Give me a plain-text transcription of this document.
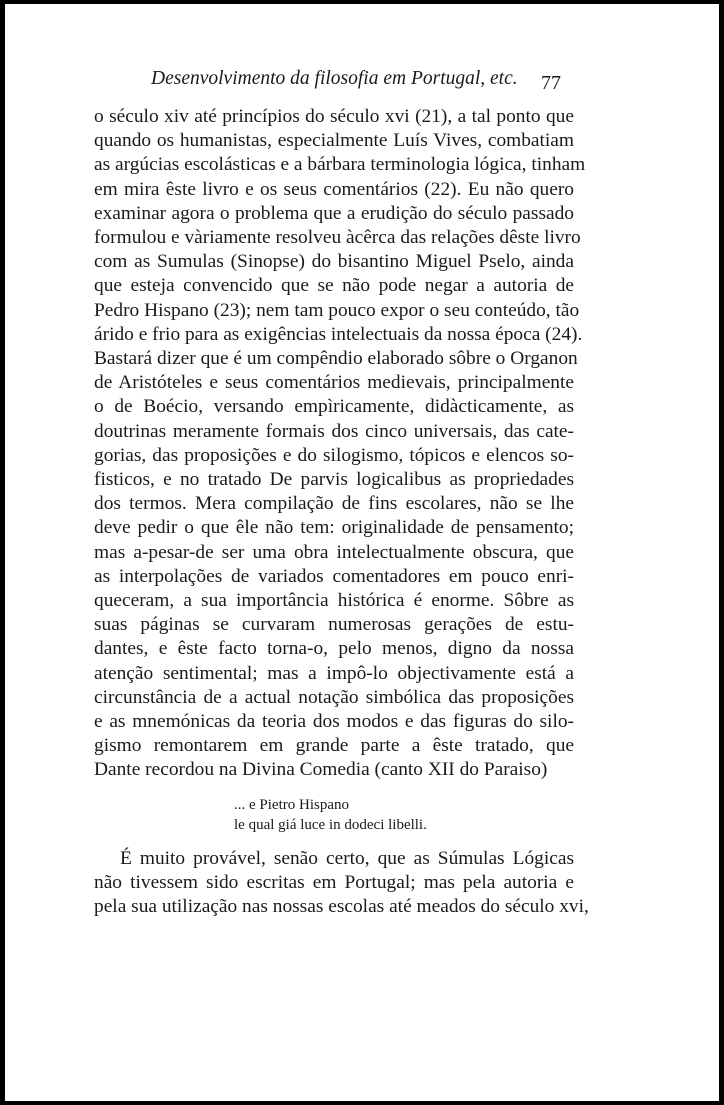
Desenvolvimento da filosofia em Portugal, etc.	77
o século xiv até princípios do século xvi (21), a tal ponto que
quando os humanistas, especialmente Luís Vives, combatiam
as argúcias escolásticas e a bárbara terminologia lógica, tinham
em mira êste livro e os seus comentários (22). Eu não quero
examinar agora o problema que a erudição do século passado
formulou e vàriamente resolveu àcêrca das relações dêste livro
com as Sumulas (Sinopse) do bisantino Miguel Pselo, ainda
que esteja convencido que se não pode negar a autoria de
Pedro Hispano (23); nem tam pouco expor o seu conteúdo, tão
árido e frio para as exigências intelectuais da nossa época (24).
Bastará dizer que é um compêndio elaborado sôbre o Organon
de Aristóteles e seus comentários medievais, principalmente
o de Boécio, versando empìricamente, didàcticamente, as
doutrinas meramente formais dos cinco universais, das cate-
gorias, das proposições e do silogismo, tópicos e elencos so-
fisticos, e no tratado De parvis logicalibus as propriedades
dos termos. Mera compilação de fins escolares, não se lhe
deve pedir o que êle não tem: originalidade de pensamento;
mas a-pesar-de ser uma obra intelectualmente obscura, que
as interpolações de variados comentadores em pouco enri-
queceram, a sua importância histórica é enorme. Sôbre as
suas páginas se curvaram numerosas gerações de estu-
dantes, e êste facto torna-o, pelo menos, digno da nossa
atenção sentimental; mas a impô-lo objectivamente está a
circunstância de a actual notação simbólica das proposições
e as mnemónicas da teoria dos modos e das figuras do silo-
gismo remontarem em grande parte a êste tratado, que
Dante recordou na Divina Comedia (canto XII do Paraiso)
... e Pietro Hispano
le qual giá luce in dodeci libelli.
É muito provável, senão certo, que as Súmulas Lógicas
não tivessem sido escritas em Portugal; mas pela autoria e
pela sua utilização nas nossas escolas até meados do século xvi,
